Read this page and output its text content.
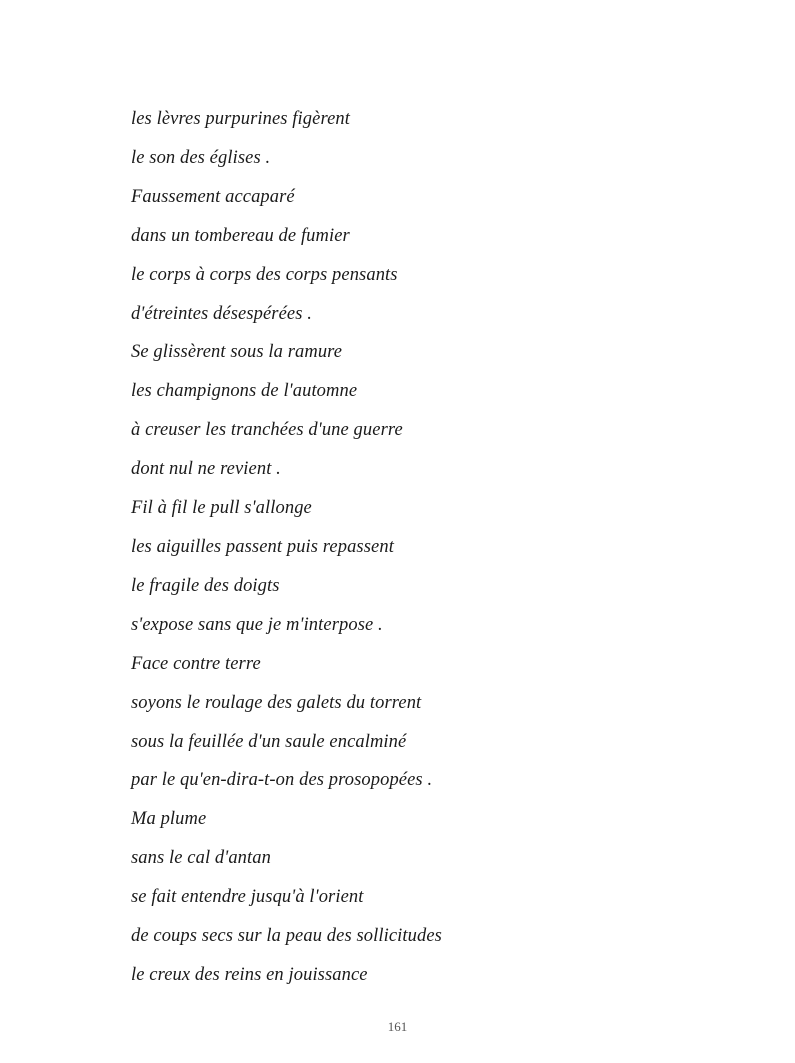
les lèvres purpurines figèrent
le son des églises .
Faussement accaparé
dans un tombereau de fumier
le corps à corps des corps pensants
d'étreintes désespérées .
Se glissèrent sous la ramure
les champignons de l'automne
à creuser les tranchées d'une guerre
dont nul ne revient .
Fil à fil le pull s'allonge
les aiguilles passent puis repassent
le fragile des doigts
s'expose sans que je m'interpose .
Face contre terre
soyons le roulage des galets du torrent
sous la feuillée d'un saule encalminé
par le qu'en-dira-t-on des prosopopées .
Ma plume
sans le cal d'antan
se fait entendre jusqu'à l'orient
de coups secs sur la peau des sollicitudes
le creux des reins en jouissance
161
